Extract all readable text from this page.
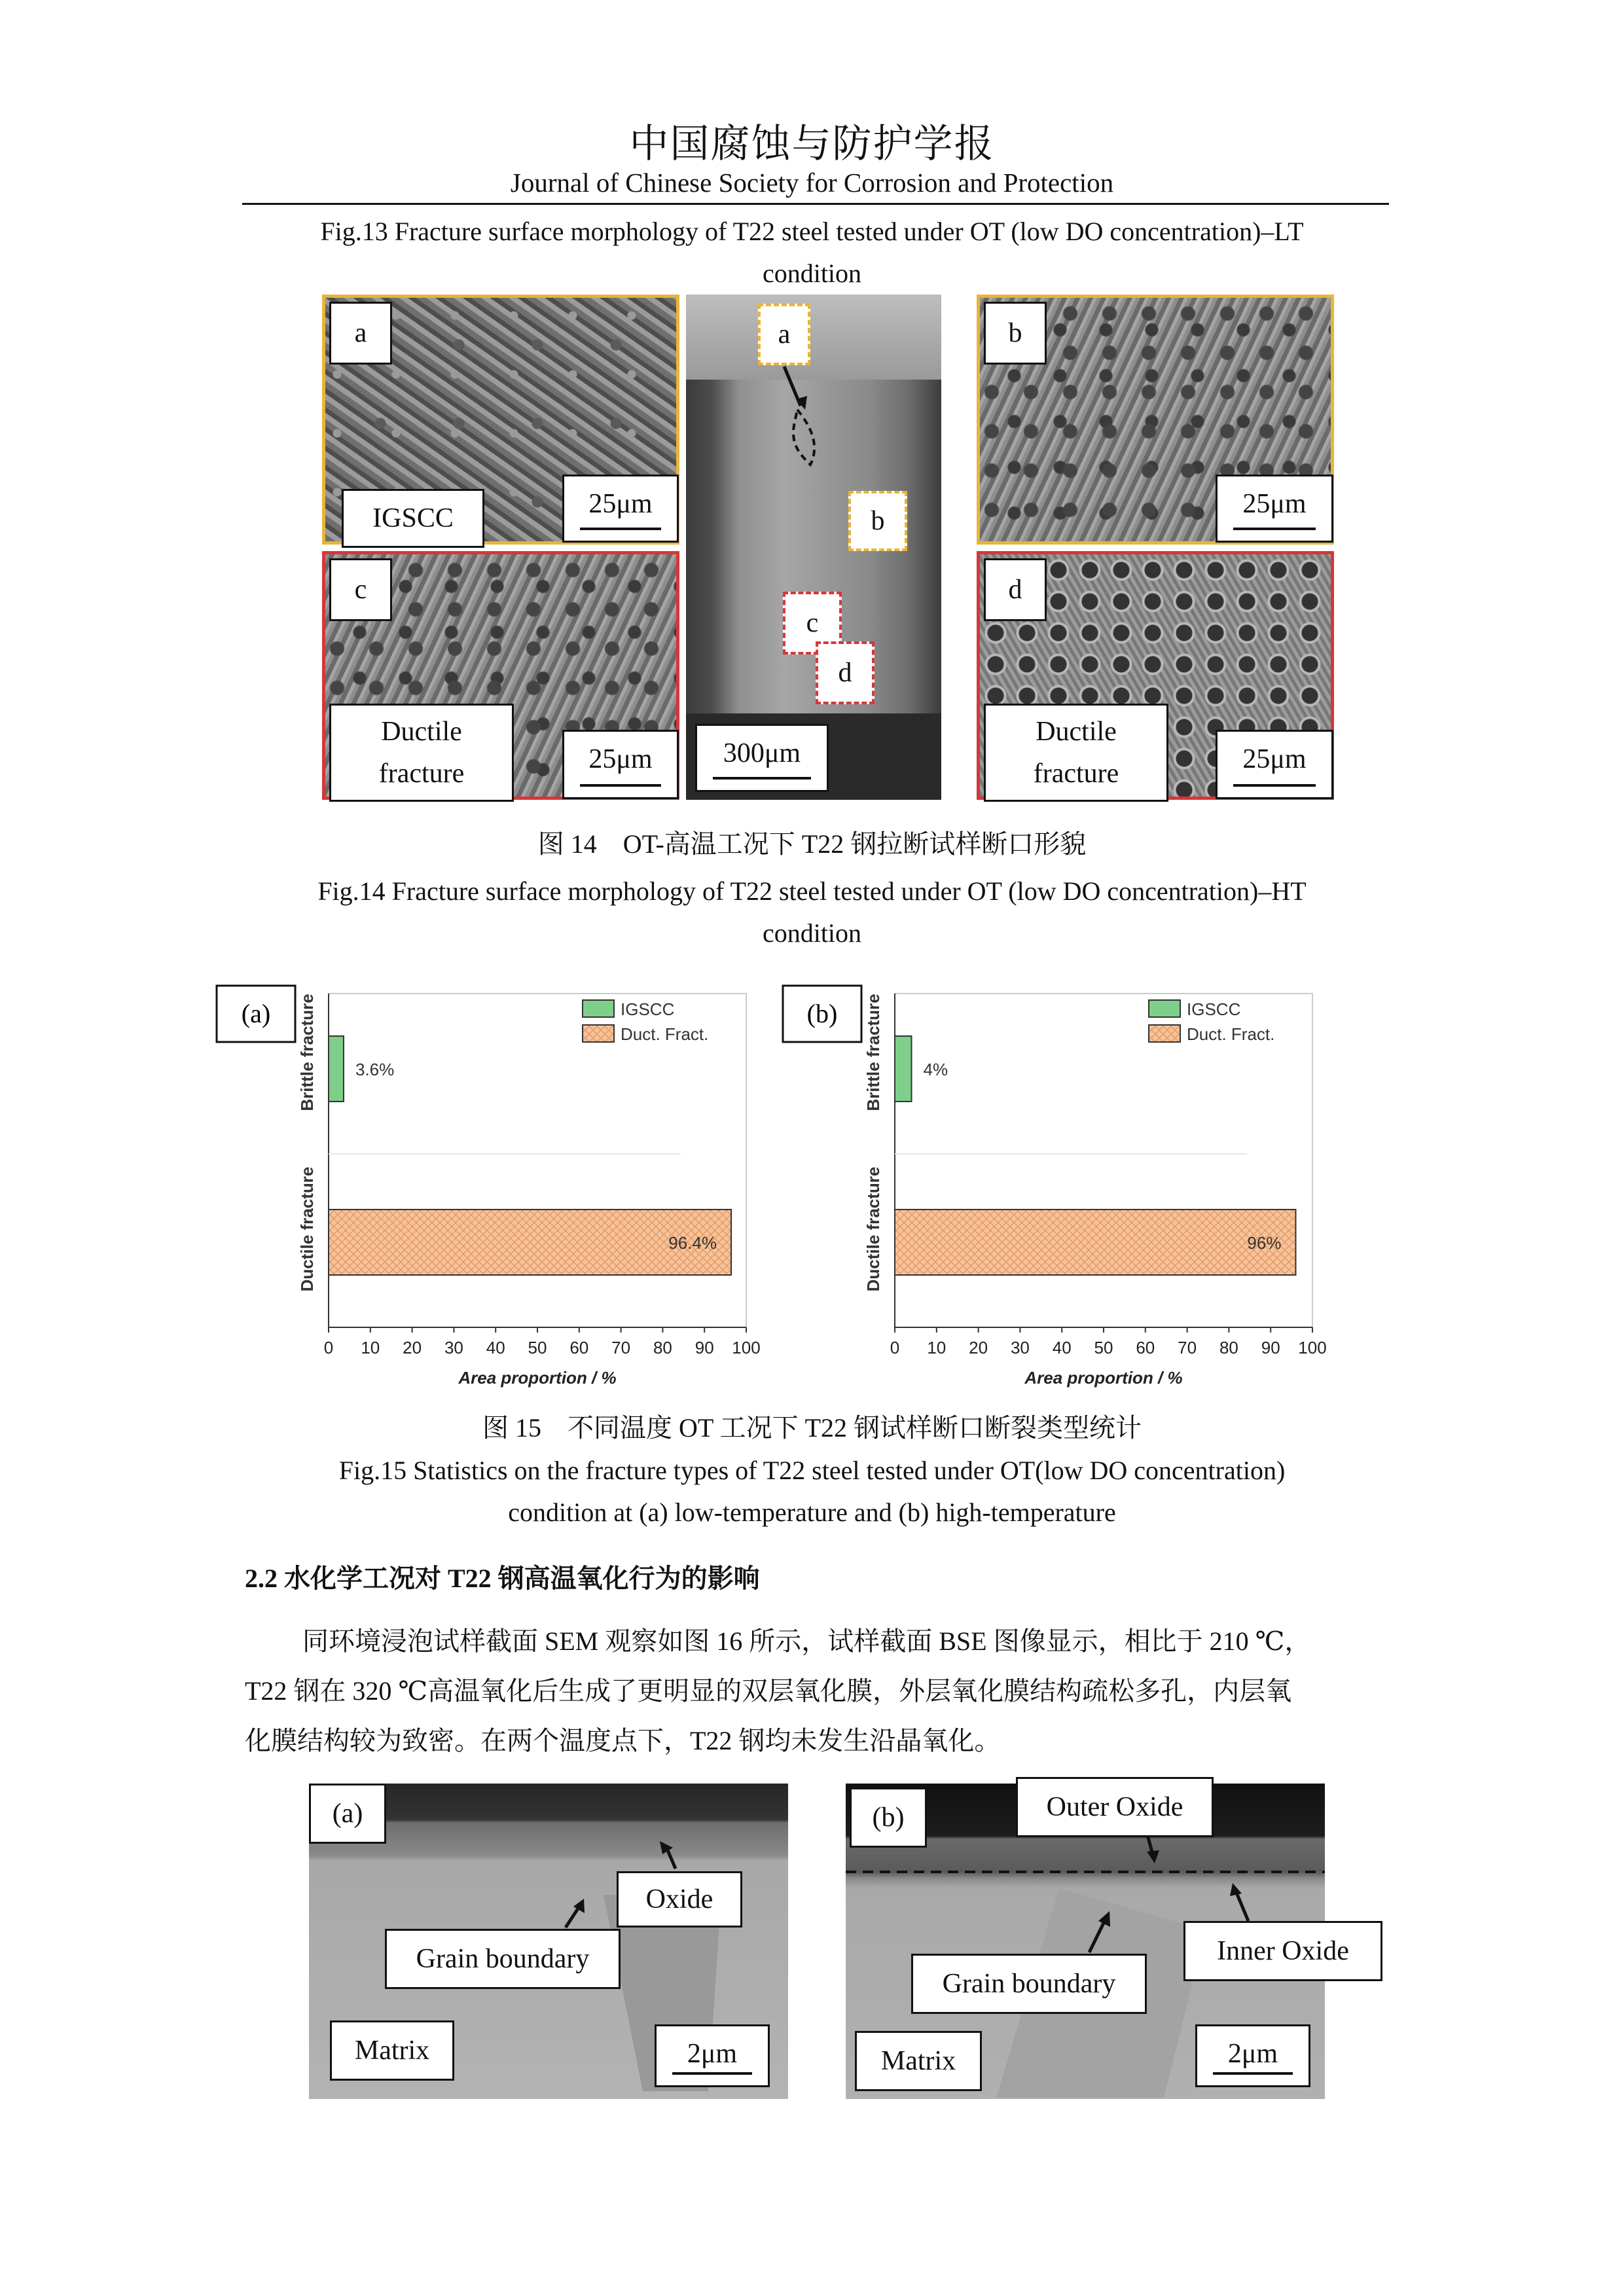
中国腐蚀与防护学报
Journal of Chinese Society for Corrosion and Protection
Fig.13 Fracture surface morphology of T22 steel tested under OT (low DO concentration)–LT
condition
a
IGSCC	25μm
c
Ductile
fracture	25μm
a
b
c
d
300μm
b
25μm
d
Ductile
fracture	25μm
图 14　OT-高温工况下 T22 钢拉断试样断口形貌
Fig.14 Fracture surface morphology of T22 steel tested under OT (low DO concentration)–HT
condition
(a)
0 10 20 30 40 50 60 70 80 90 100
Area proportion / %
Brittle fracture
Ductile fracture
3.6%
96.4%
IGSCC
Duct. Fract.
(b)
0 10 20 30 40 50 60 70 80 90 100
Area proportion / %
Brittle fracture
Ductile fracture
4%
96%
IGSCC
Duct. Fract.
图 15　不同温度 OT 工况下 T22 钢试样断口断裂类型统计
Fig.15 Statistics on the fracture types of T22 steel tested under OT(low DO concentration)
condition at (a) low-temperature and (b) high-temperature
2.2 水化学工况对 T22 钢高温氧化行为的影响
同环境浸泡试样截面 SEM 观察如图 16 所示，试样截面 BSE 图像显示，相比于 210 ℃，
T22 钢在 320 ℃高温氧化后生成了更明显的双层氧化膜，外层氧化膜结构疏松多孔，内层氧
化膜结构较为致密。在两个温度点下，T22 钢均未发生沿晶氧化。
(a)
Oxide
Grain boundary
Matrix	2μm
(b)	Outer Oxide
Inner Oxide
Grain boundary
Matrix	2μm
